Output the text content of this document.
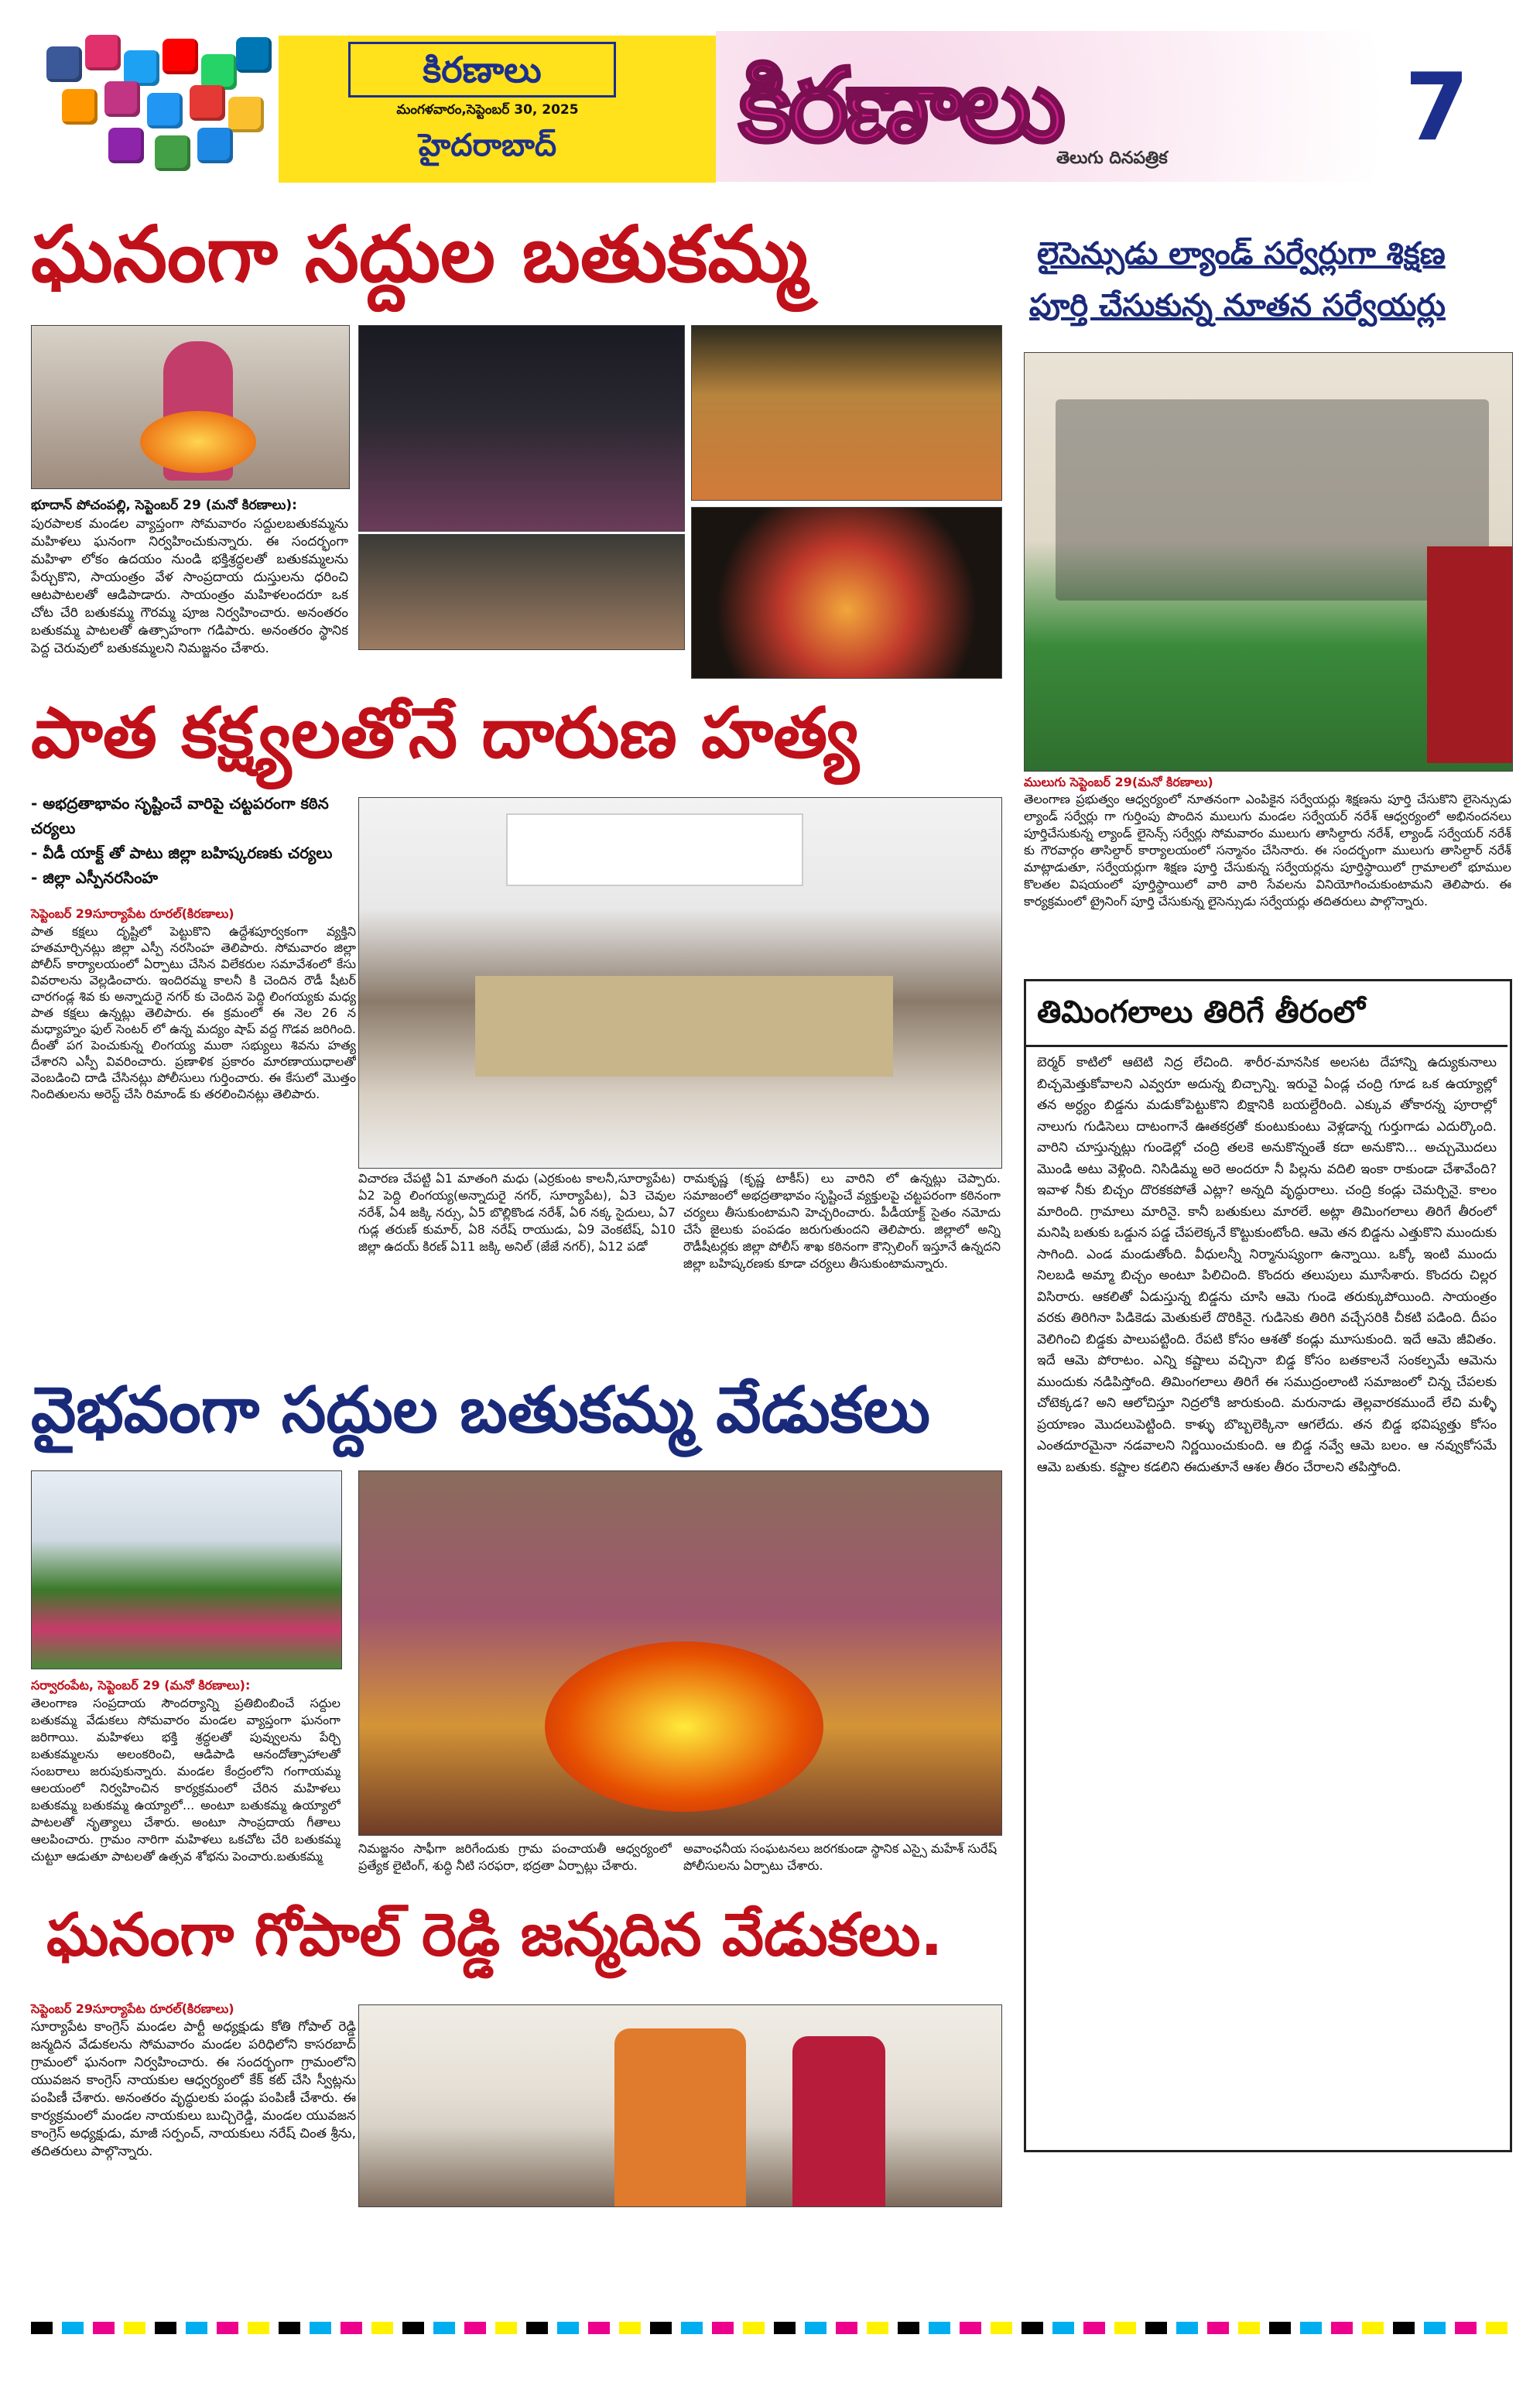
కిరణాలు
మంగళవారం,సెప్టెంబర్ 30, 2025
హైదరాబాద్	కిరణాలు
తెలుగు దినపత్రిక	7
ఘనంగా సద్దుల బతుకమ్మ
భూదాన్ పోచంపల్లి, సెప్టెంబర్ 29 (మనో కిరణాలు):
పురపాలక మండల వ్యాప్తంగా సోమవారం సద్దులబతుకమ్మను మహిళలు ఘనంగా నిర్వహించుకున్నారు. ఈ సందర్భంగా మహిళా లోకం ఉదయం నుండి భక్తిశ్రద్ధలతో బతుకమ్మలను పేర్చుకొని, సాయంత్రం వేళ సాంప్రదాయ దుస్తులను ధరించి ఆటపాటలతో ఆడిపాడారు. సాయంత్రం మహిళలందరూ ఒక చోట చేరి బతుకమ్మ గౌరమ్మ పూజ నిర్వహించారు. అనంతరం బతుకమ్మ పాటలతో ఉత్సాహంగా గడిపారు. అనంతరం స్థానిక పెద్ద చెరువులో బతుకమ్మలని నిమజ్జనం చేశారు.
లైసెన్సుడు ల్యాండ్ సర్వేర్లుగా శిక్షణ
పూర్తి చేసుకున్న నూతన సర్వేయర్లు
ములుగు సెప్టెంబర్ 29(మనో కిరణాలు)
తెలంగాణ ప్రభుత్వం ఆధ్వర్యంలో నూతనంగా ఎంపికైన సర్వేయర్లు శిక్షణను పూర్తి చేసుకొని లైసెన్సుడు ల్యాండ్ సర్వేర్లు గా గుర్తింపు పొందిన ములుగు మండల సర్వేయర్ నరేశ్ ఆధ్వర్యంలో అభినందనలు పూర్తిచేసుకున్న ల్యాండ్ లైసెన్స్ సర్వేర్లు సోమవారం ములుగు తాసిల్దారు నరేశ్, ల్యాండ్ సర్వేయర్ నరేశ్ కు గౌరవార్గం తాసిల్దార్ కార్యాలయంలో సన్మానం చేసినారు. ఈ సందర్భంగా ములుగు తాసిల్దార్ నరేశ్ మాట్లాడుతూ, సర్వేయర్లుగా శిక్షణ పూర్తి చేసుకున్న సర్వేయర్లను పూర్తిస్థాయిలో గ్రామాలలో భూముల కొలతల విషయంలో పూర్తిస్థాయిలో వారి వారి సేవలను వినియోగించుకుంటామని తెలిపారు. ఈ కార్యక్రమంలో ట్రైనింగ్ పూర్తి చేసుకున్న లైసెన్సుడు సర్వేయర్లు తదితరులు పాల్గొన్నారు.
పాత కక్ష్యలతోనే దారుణ హత్య
- అభద్రతాభావం సృష్టించే వారిపై చట్టపరంగా కఠిన చర్యలు
- వీడీ యాక్ట్ తో పాటు జిల్లా బహిష్కరణకు చర్యలు
- జిల్లా ఎస్పీనరసింహ
సెప్టెంబర్ 29సూర్యాపేట రూరల్(కిరణాలు)
పాత కక్షలు దృష్టిలో పెట్టుకొని ఉద్దేశపూర్వకంగా వ్యక్తిని హతమార్చినట్లు జిల్లా ఎస్పీ నరసింహ తెలిపారు. సోమవారం జిల్లా పోలీస్ కార్యాలయంలో ఏర్పాటు చేసిన విలేకరుల సమావేశంలో కేసు వివరాలను వెల్లడించారు. ఇందిరమ్మ కాలనీ కి చెందిన రౌడీ షీటర్ చారగండ్ల శివ కు అన్నాదురై నగర్ కు చెందిన పెద్ది లింగయ్యకు మధ్య పాత కక్షలు ఉన్నట్లు తెలిపారు. ఈ క్రమంలో ఈ నెల 26 న మధ్యాహ్నం ఫుల్ సెంటర్ లో ఉన్న మద్యం షాప్ వద్ద గొడవ జరిగింది. దీంతో పగ పెంచుకున్న లింగయ్య ముఠా సభ్యులు శివను హత్య చేశారని ఎస్పీ వివరించారు. ప్రణాళిక ప్రకారం మారణాయుధాలతో వెంబడించి దాడి చేసినట్లు పోలీసులు గుర్తించారు. ఈ కేసులో మొత్తం నిందితులను అరెస్ట్ చేసి రిమాండ్ కు తరలించినట్లు తెలిపారు.
విచారణ చేపట్టి ఏ1 మాతంగి మధు (ఎర్రకుంట కాలనీ,సూర్యాపేట) ఏ2 పెద్ది లింగయ్య(అన్నాదురై నగర్, సూర్యాపేట), ఏ3 చెవుల నరేశ్, ఏ4 జక్కి నర్సు, ఏ5 బొల్లికొండ నరేశ్, ఏ6 నక్క సైదులు, ఏ7 గుడ్ల తరుణ్ కుమార్, ఏ8 నరేష్ రాయుడు, ఏ9 వెంకటేష్, ఏ10 జిల్లా ఉదయ్ కిరణ్ ఏ11 జక్కి అనిల్ (జేజే నగర్), ఏ12 పడో
రామకృష్ణ (కృష్ణ టాకీస్) లు వారిని లో ఉన్నట్లు చెప్పారు. సమాజంలో అభద్రతాభావం సృష్టించే వ్యక్తులపై చట్టపరంగా కఠినంగా చర్యలు తీసుకుంటామని హెచ్చరించారు. పీడీయాక్ట్ సైతం నమోదు చేసే జైలుకు పంపడం జరుగుతుందని తెలిపారు. జిల్లాలో అన్ని రౌడీషీటర్లకు జిల్లా పోలీస్ శాఖ కఠినంగా కౌన్సిలింగ్ ఇస్తూనే ఉన్నదని జిల్లా బహిష్కరణకు కూడా చర్యలు తీసుకుంటామన్నారు.
తిమింగలాలు తిరిగే తీరంలో
బెర్మర్ కాటిలో ఆటెటి నిద్ర లేచింది. శారీర-మానసిక అలసట దేహాన్ని ఉద్యుకునాలు బిచ్చమెత్తుకోవాలని ఎవ్వరూ అదున్న బిచ్చాన్ని. ఇరువై ఏండ్ల చంద్రి గూడ ఒక ఉయ్యాల్లో తన అర్ధ్యం బిడ్డను మడుకోపెట్టుకొని బిక్షానికి బయల్దేరింది. ఎక్కువ తోకారన్న పూరాల్లో నాలుగు గుడిసెలు దాటంగానే ఊతకర్రతో కుంటుకుంటు వెళ్లడాన్న గుర్తుగాడు ఎదుర్కొంది. వారిని చూస్తున్నట్లు గుండెల్లో చంద్రి తలకె అనుకొన్నంతే కదా అనుకొని... అచ్చుమొదలు మొండి అటు వెళ్లింది. నిసిడిమ్మ అరె అందరూ నీ పిల్లను వదిలి ఇంకా రాకుండా చేశావేంది? ఇవాళ నీకు బిచ్చం దొరకకపోతే ఎట్లా? అన్నది వృద్ధురాలు. చంద్రి కండ్లు చెమర్చినై. కాలం మారింది. గ్రామాలు మారినై. కానీ బతుకులు మారలే. అట్లా తిమింగలాలు తిరిగే తీరంలో మనిషి బతుకు ఒడ్డున పడ్డ చేపలెక్కనే కొట్టుకుంటోంది. ఆమె తన బిడ్డను ఎత్తుకొని ముందుకు సాగింది. ఎండ మండుతోంది. వీధులన్నీ నిర్మానుష్యంగా ఉన్నాయి. ఒక్కో ఇంటి ముందు నిలబడి అమ్మా బిచ్చం అంటూ పిలిచింది. కొందరు తలుపులు మూసేశారు. కొందరు చిల్లర విసిరారు. ఆకలితో ఏడుస్తున్న బిడ్డను చూసి ఆమె గుండె తరుక్కుపోయింది. సాయంత్రం వరకు తిరిగినా పిడికెడు మెతుకులే దొరికినై. గుడిసెకు తిరిగి వచ్చేసరికి చీకటి పడింది. దీపం వెలిగించి బిడ్డకు పాలుపట్టింది. రేపటి కోసం ఆశతో కండ్లు మూసుకుంది. ఇదే ఆమె జీవితం. ఇదే ఆమె పోరాటం. ఎన్ని కష్టాలు వచ్చినా బిడ్డ కోసం బతకాలనే సంకల్పమే ఆమెను ముందుకు నడిపిస్తోంది. తిమింగలాలు తిరిగే ఈ సముద్రంలాంటి సమాజంలో చిన్న చేపలకు చోటెక్కడ? అని ఆలోచిస్తూ నిద్రలోకి జారుకుంది. మరునాడు తెల్లవారకముందే లేచి మళ్ళీ ప్రయాణం మొదలుపెట్టింది. కాళ్ళు బొబ్బలెక్కినా ఆగలేదు. తన బిడ్డ భవిష్యత్తు కోసం ఎంతదూరమైనా నడవాలని నిర్ణయించుకుంది. ఆ బిడ్డ నవ్వే ఆమె బలం. ఆ నవ్వుకోసమే ఆమె బతుకు. కష్టాల కడలిని ఈదుతూనే ఆశల తీరం చేరాలని తపిస్తోంది.
వైభవంగా సద్దుల బతుకమ్మ వేడుకలు
సర్వారంపేట, సెప్టెంబర్ 29 (మనో కిరణాలు):
తెలంగాణ సంప్రదాయ సౌందర్యాన్ని ప్రతిబింబించే సద్దుల బతుకమ్మ వేడుకలు సోమవారం మండల వ్యాప్తంగా ఘనంగా జరిగాయి. మహిళలు భక్తి శ్రద్ధలతో పువ్వులను పేర్చి బతుకమ్మలను అలంకరించి, ఆడిపాడి ఆనందోత్సాహాలతో సంబరాలు జరుపుకున్నారు. మండల కేంద్రంలోని గంగాయమ్మ ఆలయంలో నిర్వహించిన కార్యక్రమంలో చేరిన మహిళలు బతుకమ్మ బతుకమ్మ ఉయ్యాలో... అంటూ బతుకమ్మ ఉయ్యాలో పాటలతో నృత్యాలు చేశారు. అంటూ సాంప్రదాయ గీతాలు ఆలపించారు. గ్రామం నారిగా మహిళలు ఒకచోట చేరి బతుకమ్మ చుట్టూ ఆడుతూ పాటలతో ఉత్సవ శోభను పెంచారు.బతుకమ్మ
నిమజ్జనం సాఫీగా జరిగేందుకు గ్రామ పంచాయతీ ఆధ్వర్యంలో ప్రత్యేక లైటింగ్, శుద్ధి నీటి సరఫరా, భద్రతా ఏర్పాట్లు చేశారు.
అవాంఛనీయ సంఘటనలు జరగకుండా స్థానిక ఎస్సై మహేశ్ సురేష్ పోలీసులను ఏర్పాటు చేశారు.
ఘనంగా గోపాల్ రెడ్డి జన్మదిన వేడుకలు.
సెప్టెంబర్ 29సూర్యాపేట రూరల్(కిరణాలు)
సూర్యాపేట కాంగ్రెస్ మండల పార్టీ అధ్యక్షుడు కోతి గోపాల్ రెడ్డి జన్మదిన వేడుకలను సోమవారం మండల పరిధిలోని కాసరబాద్ గ్రామంలో ఘనంగా నిర్వహించారు. ఈ సందర్భంగా గ్రామంలోని యువజన కాంగ్రెస్ నాయకుల ఆధ్వర్యంలో కేక్ కట్ చేసి స్వీట్లను పంపిణీ చేశారు. అనంతరం వృద్ధులకు పండ్లు పంపిణీ చేశారు. ఈ కార్యక్రమంలో మండల నాయకులు బుచ్చిరెడ్డి, మండల యువజన కాంగ్రెస్ అధ్యక్షుడు, మాజీ సర్పంచ్, నాయకులు నరేష్ చింత శ్రీను, తదితరులు పాల్గొన్నారు.
